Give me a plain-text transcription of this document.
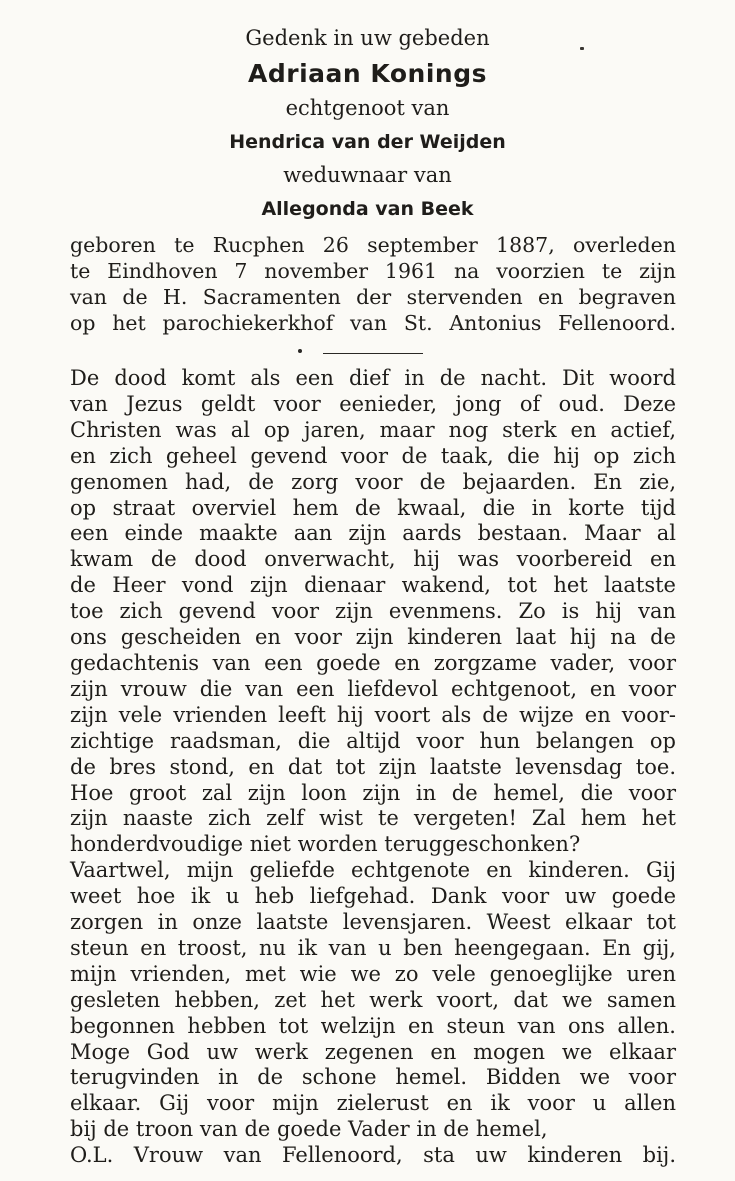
Gedenk in uw gebeden
Adriaan Konings
echtgenoot van
Hendrica van der Weijden
weduwnaar van
Allegonda van Beek
geboren te Rucphen 26 september 1887, overleden
te Eindhoven 7 november 1961 na voorzien te zijn
van de H. Sacramenten der stervenden en begraven
op het parochiekerkhof van St. Antonius Fellenoord.
De dood komt als een dief in de nacht. Dit woord
van Jezus geldt voor eenieder, jong of oud. Deze
Christen was al op jaren, maar nog sterk en actief,
en zich geheel gevend voor de taak, die hij op zich
genomen had, de zorg voor de bejaarden. En zie,
op straat overviel hem de kwaal, die in korte tijd
een einde maakte aan zijn aards bestaan. Maar al
kwam de dood onverwacht, hij was voorbereid en
de Heer vond zijn dienaar wakend, tot het laatste
toe zich gevend voor zijn evenmens. Zo is hij van
ons gescheiden en voor zijn kinderen laat hij na de
gedachtenis van een goede en zorgzame vader, voor
zijn vrouw die van een liefdevol echtgenoot, en voor
zijn vele vrienden leeft hij voort als de wijze en voor-
zichtige raadsman, die altijd voor hun belangen op
de bres stond, en dat tot zijn laatste levensdag toe.
Hoe groot zal zijn loon zijn in de hemel, die voor
zijn naaste zich zelf wist te vergeten! Zal hem het
honderdvoudige niet worden teruggeschonken?
Vaartwel, mijn geliefde echtgenote en kinderen. Gij
weet hoe ik u heb liefgehad. Dank voor uw goede
zorgen in onze laatste levensjaren. Weest elkaar tot
steun en troost, nu ik van u ben heengegaan. En gij,
mijn vrienden, met wie we zo vele genoeglijke uren
gesleten hebben, zet het werk voort, dat we samen
begonnen hebben tot welzijn en steun van ons allen.
Moge God uw werk zegenen en mogen we elkaar
terugvinden in de schone hemel. Bidden we voor
elkaar. Gij voor mijn zielerust en ik voor u allen
bij de troon van de goede Vader in de hemel,
O.L. Vrouw van Fellenoord, sta uw kinderen bij.
